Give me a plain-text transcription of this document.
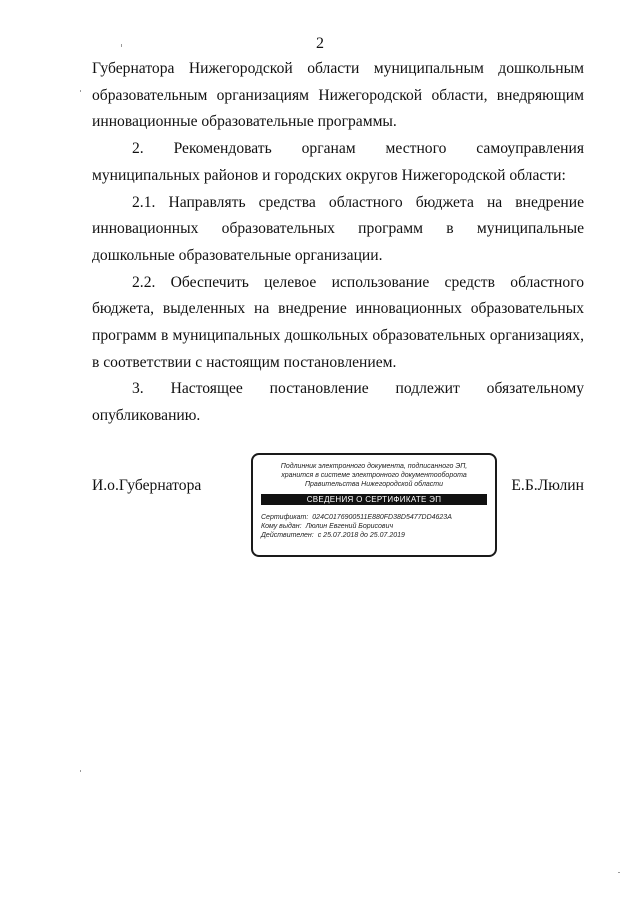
2

Губернатора Нижегородской области муниципальным дошкольным образовательным организациям Нижегородской области, внедряющим инновационные образовательные программы.

2. Рекомендовать органам местного самоуправления муниципальных районов и городских округов Нижегородской области:

2.1. Направлять средства областного бюджета на внедрение инновационных образовательных программ в муниципальные дошкольные образовательные организации.

2.2. Обеспечить целевое использование средств областного бюджета, выделенных на внедрение инновационных образовательных программ в муниципальных дошкольных образовательных организациях, в соответствии с настоящим постановлением.

3. Настоящее постановление подлежит обязательному опубликованию.

И.о.Губернатора	Е.Б.Люлин
Подлинник электронного документа, подписанного ЭП,
хранится в системе электронного документооборота
Правительства Нижегородской области
СВЕДЕНИЯ О СЕРТИФИКАТЕ ЭП
Сертификат: 024C0176900511E880FD38D5477DD4623A
Кому выдан: Люлин Евгений Борисович
Действителен: с 25.07.2018 до 25.07.2019
